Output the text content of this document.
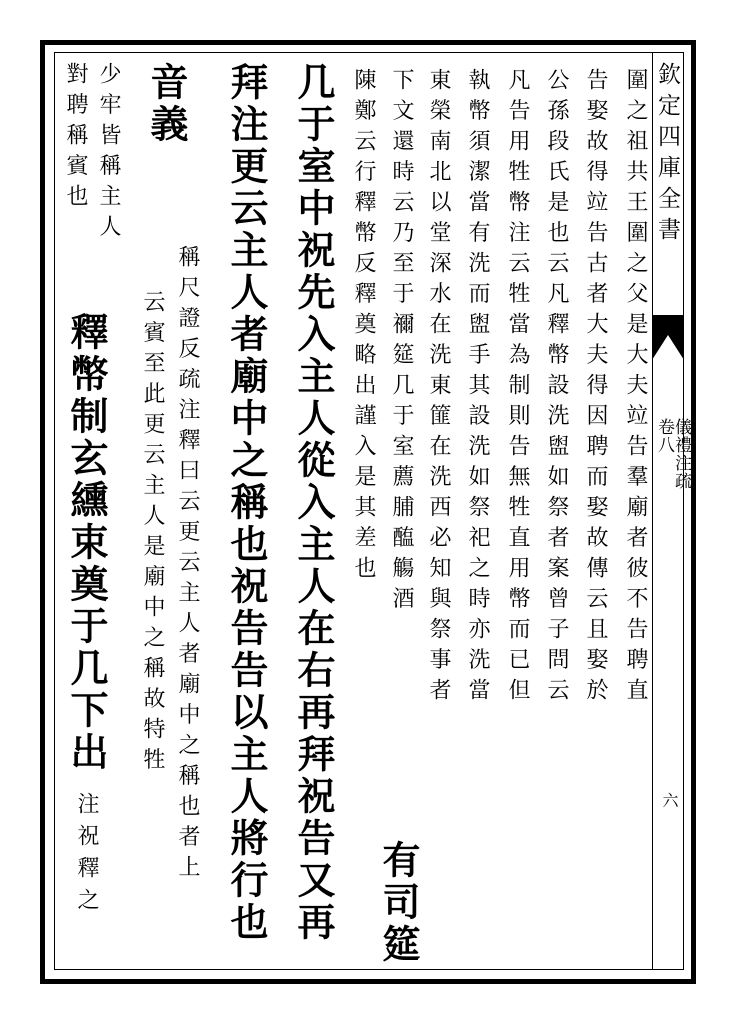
欽定四庫全書
儀禮注疏
卷八
六
圍之祖共王圍之父是大夫竝告羣廟者彼不告聘直
告娶故得竝告古者大夫得因聘而娶故傳云且娶於
公孫段氏是也云凡釋幣設洗盥如祭者案曾子問云
凡告用牲幣注云牲當為制則告無牲直用幣而已但
執幣須潔當有洗而盥手其設洗如祭祀之時亦洗當
東榮南北以堂深水在洗東篚在洗西必知與祭事者
下文還時云乃至于禰筵几于室薦脯醢觴酒
陳鄭云行釋幣反釋奠略出謹入是其差也
有司筵
几于室中祝先入主人從入主人在右再拜祝告又再
拜注更云主人者廟中之稱也祝告告以主人將行也
音義
稱尺證反疏注釋曰云更云主人者廟中之稱也者上
云賓至此更云主人是廟中之稱故特牲
少牢皆稱主人
對聘稱賓也
釋幣制玄纁束奠于几下出
注祝釋之
